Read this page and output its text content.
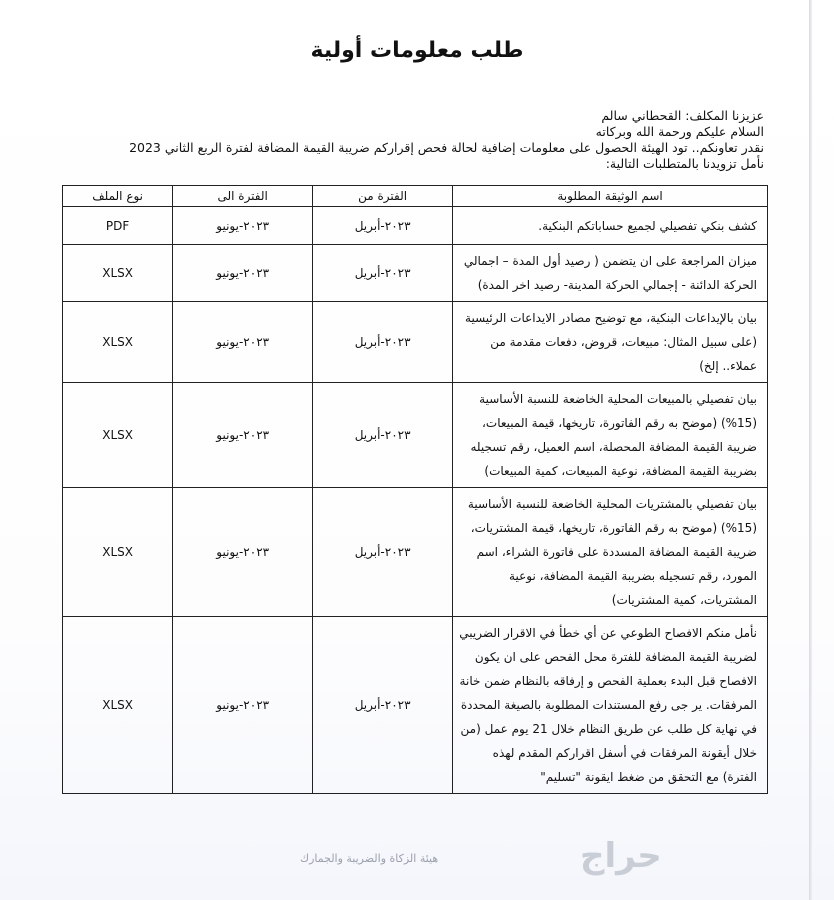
طلب معلومات أولية
عزيزنا المكلف: القحطاني سالم
السلام عليكم ورحمة الله وبركاته
نقدر تعاونكم.. تود الهيئة الحصول على معلومات إضافية لحالة فحص إقراركم ضريبة القيمة المضافة لفترة الربع الثاني 2023
نأمل تزويدنا بالمتطلبات التالية:
اسم الوثيقة المطلوبة	الفترة من	الفترة الى	نوع الملف
كشف بنكي تفصيلي لجميع حساباتكم البنكية.	٢٠٢٣-أبريل	٢٠٢٣-يونيو	PDF
ميزان المراجعة على ان يتضمن ( رصيد أول المدة – اجمالي الحركة الدائنة - إجمالي الحركة المدينة- رصيد اخر المدة)	٢٠٢٣-أبريل	٢٠٢٣-يونيو	XLSX
بيان بالإيداعات البنكية، مع توضيح مصادر الايداعات الرئيسية (على سبيل المثال: مبيعات، قروض، دفعات مقدمة من عملاء.. إلخ)	٢٠٢٣-أبريل	٢٠٢٣-يونيو	XLSX
بيان تفصيلي بالمبيعات المحلية الخاضعة للنسبة الأساسية (15%) (موضح به رقم الفاتورة، تاريخها، قيمة المبيعات، ضريبة القيمة المضافة المحصلة، اسم العميل، رقم تسجيله بضريبة القيمة المضافة، نوعية المبيعات، كمية المبيعات)	٢٠٢٣-أبريل	٢٠٢٣-يونيو	XLSX
بيان تفصيلي بالمشتريات المحلية الخاضعة للنسبة الأساسية (15%) (موضح به رقم الفاتورة، تاريخها، قيمة المشتريات، ضريبة القيمة المضافة المسددة على فاتورة الشراء، اسم المورد، رقم تسجيله بضريبة القيمة المضافة، نوعية المشتريات، كمية المشتريات)	٢٠٢٣-أبريل	٢٠٢٣-يونيو	XLSX
نأمل منكم الافصاح الطوعي عن أي خطأ في الاقرار الضريبي لضريبة القيمة المضافة للفترة محل الفحص على ان يكون الافصاح قبل البدء بعملية الفحص و إرفاقه بالنظام ضمن خانة المرفقات. ير جى رفع المستندات المطلوبة بالصيغة المحددة في نهاية كل طلب عن طريق النظام خلال 21 يوم عمل (من خلال أيقونة المرفقات في أسفل اقراركم المقدم لهذه الفترة) مع التحقق من ضغط ايقونة "تسليم"	٢٠٢٣-أبريل	٢٠٢٣-يونيو	XLSX
هيئة الزكاة والضريبة والجمارك	حراج
